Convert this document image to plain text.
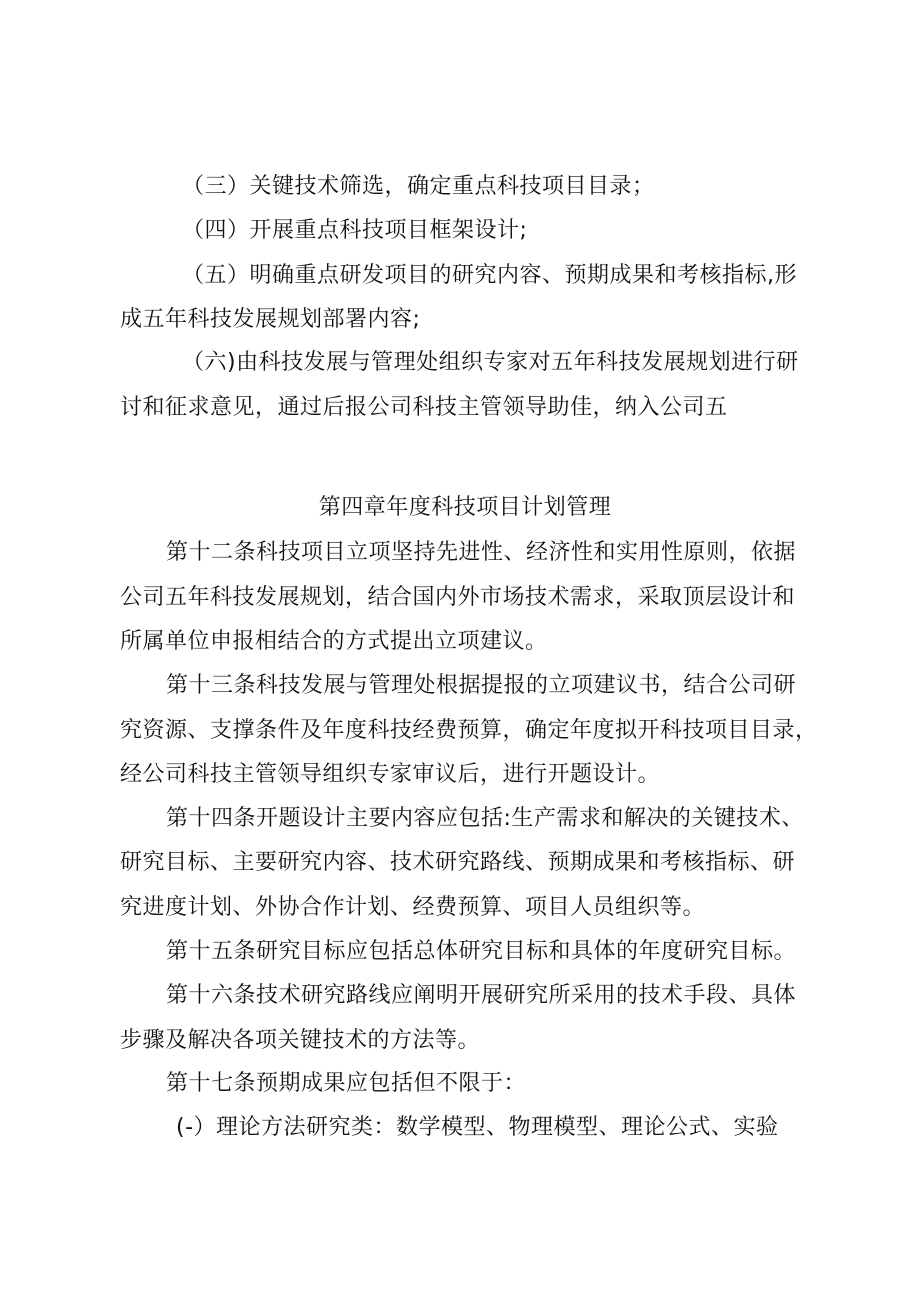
（三）关键技术筛选，确定重点科技项目目录；
（四）开展重点科技项目框架设计;
（五）明确重点研发项目的研究内容、预期成果和考核指标,形
成五年科技发展规划部署内容;
（六)由科技发展与管理处组织专家对五年科技发展规划进行研
讨和征求意见，通过后报公司科技主管领导助佳，纳入公司五
第四章年度科技项目计划管理
第十二条科技项目立项坚持先进性、经济性和实用性原则，依据
公司五年科技发展规划，结合国内外市场技术需求，采取顶层设计和
所属单位申报相结合的方式提出立项建议。
第十三条科技发展与管理处根据提报的立项建议书，结合公司研
究资源、支撑条件及年度科技经费预算，确定年度拟开科技项目目录，
经公司科技主管领导组织专家审议后，进行开题设计。
第十四条开题设计主要内容应包括:生产需求和解决的关键技术、
研究目标、主要研究内容、技术研究路线、预期成果和考核指标、研
究进度计划、外协合作计划、经费预算、项目人员组织等。
第十五条研究目标应包括总体研究目标和具体的年度研究目标。
第十六条技术研究路线应阐明开展研究所采用的技术手段、具体
步骤及解决各项关键技术的方法等。
第十七条预期成果应包括但不限于：
(-）理论方法研究类：数学模型、物理模型、理论公式、实验
